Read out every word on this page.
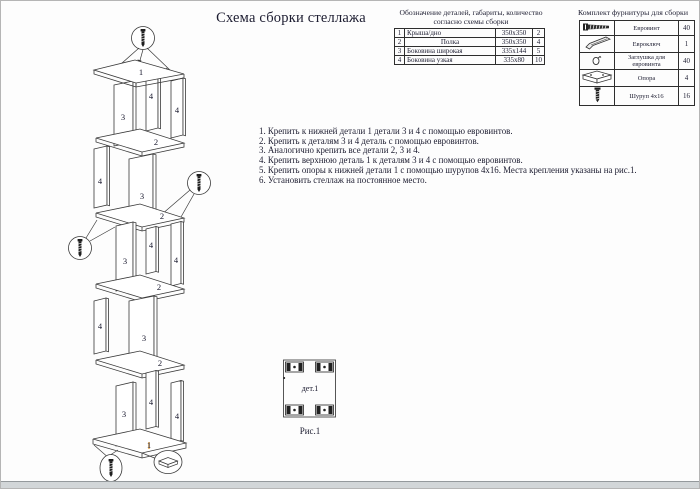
Схема сборки стеллажа	Обозначение деталей, габариты, количество
согласно схемы сборки
1	Крыша/дно	350х350	2
2	Полка	350х350	4
3	Боковина широкая	335х144	5
4	Боковина узкая	335х80	10
Комплект фурнитуры для сборки
	Евровинт	40
	Евроключ	1
	Заглушка для евровинта	40
	Опора	4
	Шуруп 4х16	16
1. Крепить к нижней детали 1 детали 3 и 4 с помощью евровинтов.
2. Крепить к деталям 3 и 4 деталь с помощью евровинтов.
3. Аналогично крепить все детали 2, 3 и 4.
4. Крепить верхнюю деталь 1 к деталям 3 и 4 с помощью евровинтов.
5. Крепить опоры к нижней детали 1 с помощью шурупов 4х16. Места крепления указаны на рис.1.
6. Установить стеллаж на постоянное место.
1
3
4
4
2
4
3
2
3
4
4
2
4
3
2
3
4
4
1
дет.1
Рис.1
